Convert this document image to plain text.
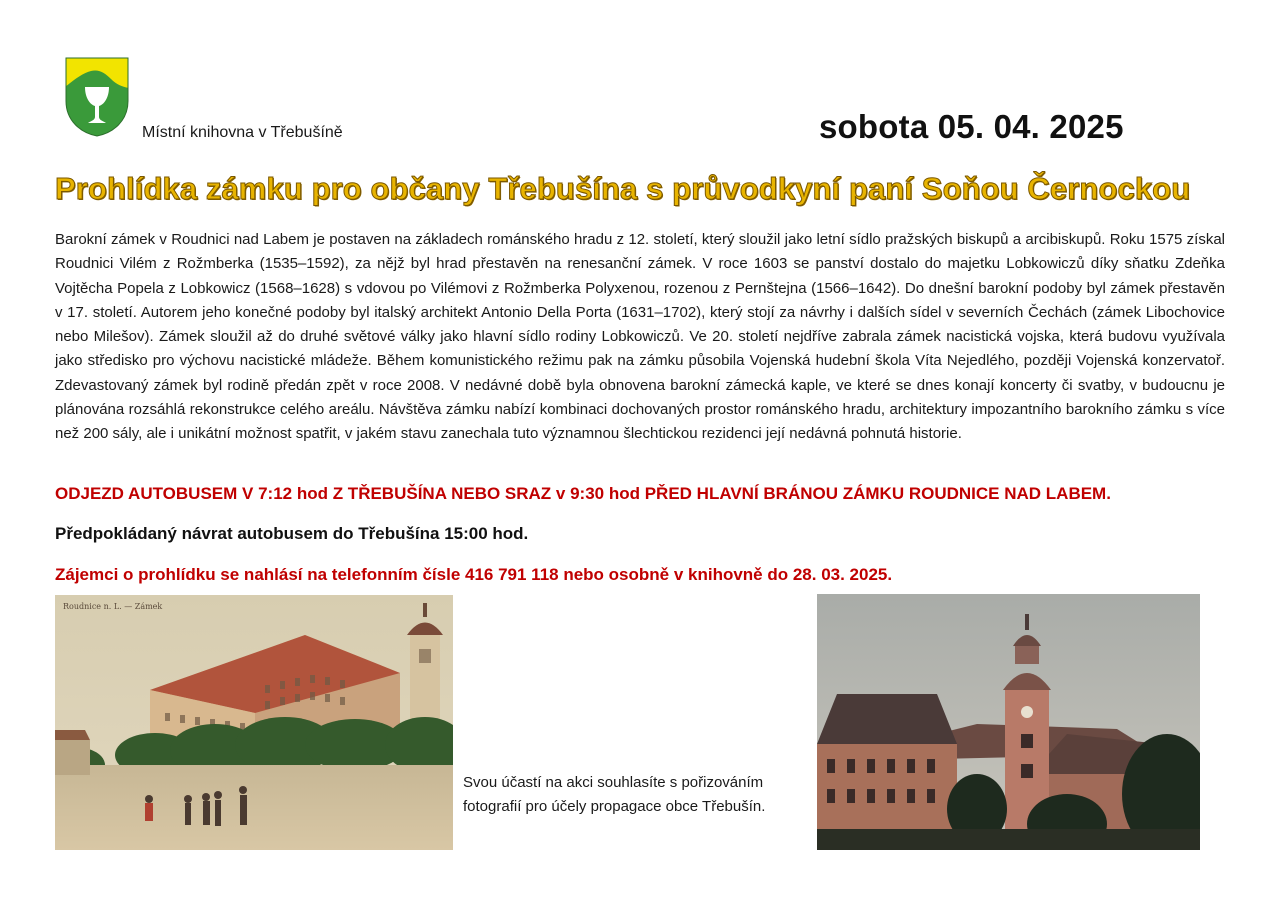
Místní knihovna v Třebušíně	sobota 05. 04. 2025
Prohlídka zámku pro občany Třebušína s průvodkyní paní Soňou Černockou

Barokní zámek v Roudnici nad Labem je postaven na základech románského hradu z 12. století, který sloužil jako letní sídlo pražských biskupů a arcibiskupů. Roku 1575 získal Roudnici Vilém z Rožmberka (1535–1592), za nějž byl hrad přestavěn na renesanční zámek. V roce 1603 se panství dostalo do majetku Lobkowiczů díky sňatku Zdeňka Vojtěcha Popela z Lobkowicz (1568–1628) s vdovou po Vilémovi z Rožmberka Polyxenou, rozenou z Pernštejna (1566–1642). Do dnešní barokní podoby byl zámek přestavěn v 17. století. Autorem jeho konečné podoby byl italský architekt Antonio Della Porta (1631–1702), který stojí za návrhy i dalších sídel v severních Čechách (zámek Libochovice nebo Milešov). Zámek sloužil až do druhé světové války jako hlavní sídlo rodiny Lobkowiczů. Ve 20. století nejdříve zabrala zámek nacistická vojska, která budovu využívala jako středisko pro výchovu nacistické mládeže. Během komunistického režimu pak na zámku působila Vojenská hudební škola Víta Nejedlého, později Vojenská konzervatoř. Zdevastovaný zámek byl rodině předán zpět v roce 2008. V nedávné době byla obnovena barokní zámecká kaple, ve které se dnes konají koncerty či svatby, v budoucnu je plánována rozsáhlá rekonstrukce celého areálu. Návštěva zámku nabízí kombinaci dochovaných prostor románského hradu, architektury impozantního barokního zámku s více než 200 sály, ale i unikátní možnost spatřit, v jakém stavu zanechala tuto významnou šlechtickou rezidenci její nedávná pohnutá historie.

ODJEZD AUTOBUSEM V 7:12 hod Z TŘEBUŠÍNA NEBO SRAZ v 9:30 hod PŘED HLAVNÍ BRÁNOU ZÁMKU ROUDNICE NAD LABEM.

Předpokládaný návrat autobusem do Třebušína 15:00 hod.

Zájemci o prohlídku se nahlásí na telefonním čísle 416 791 118 nebo osobně v knihovně do 28. 03. 2025.

Roudnice n. L. — Zámek

Svou účastí na akci souhlasíte s pořizováním
fotografií pro účely propagace obce Třebušín.
